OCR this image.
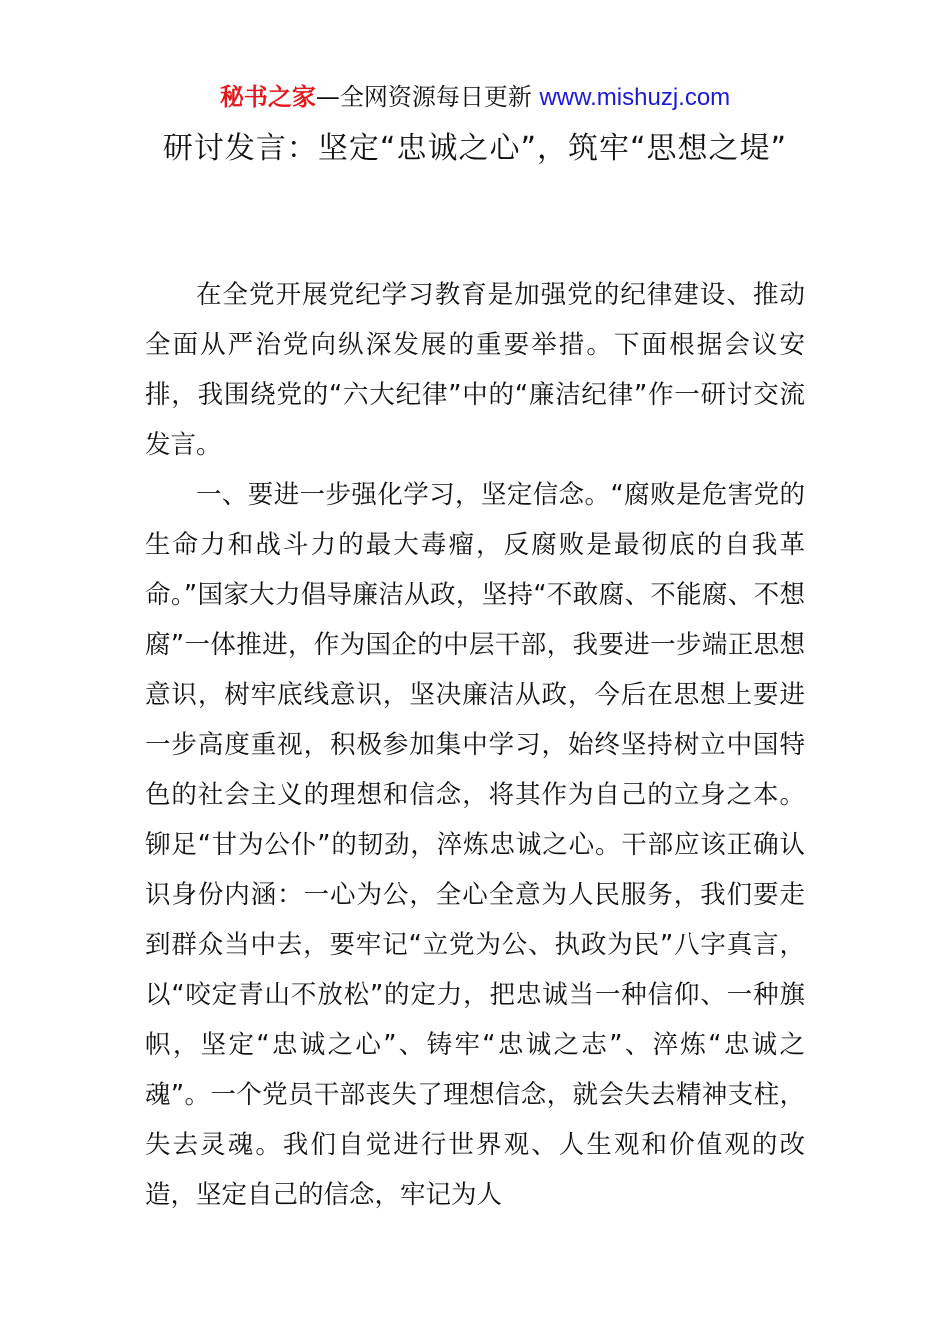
秘书之家—全网资源每日更新 www.mishuzj.com
研讨发言：坚定“忠诚之心”，筑牢“思想之堤”

在全党开展党纪学习教育是加强党的纪律建设、推动全面从严治党向纵深发展的重要举措。下面根据会议安排，我围绕党的“六大纪律”中的“廉洁纪律”作一研讨交流发言。

一、要进一步强化学习，坚定信念。“腐败是危害党的生命力和战斗力的最大毒瘤，反腐败是最彻底的自我革命。”国家大力倡导廉洁从政，坚持“不敢腐、不能腐、不想腐”一体推进，作为国企的中层干部，我要进一步端正思想意识，树牢底线意识，坚决廉洁从政，今后在思想上要进一步高度重视，积极参加集中学习，始终坚持树立中国特色的社会主义的理想和信念，将其作为自己的立身之本。铆足“甘为公仆”的韧劲，淬炼忠诚之心。干部应该正确认识身份内涵：一心为公，全心全意为人民服务，我们要走到群众当中去，要牢记“立党为公、执政为民”八字真言，以“咬定青山不放松”的定力，把忠诚当一种信仰、一种旗帜，坚定“忠诚之心”、铸牢“忠诚之志”、淬炼“忠诚之魂”。一个党员干部丧失了理想信念，就会失去精神支柱，失去灵魂。我们自觉进行世界观、人生观和价值观的改造，坚定自己的信念，牢记为人
